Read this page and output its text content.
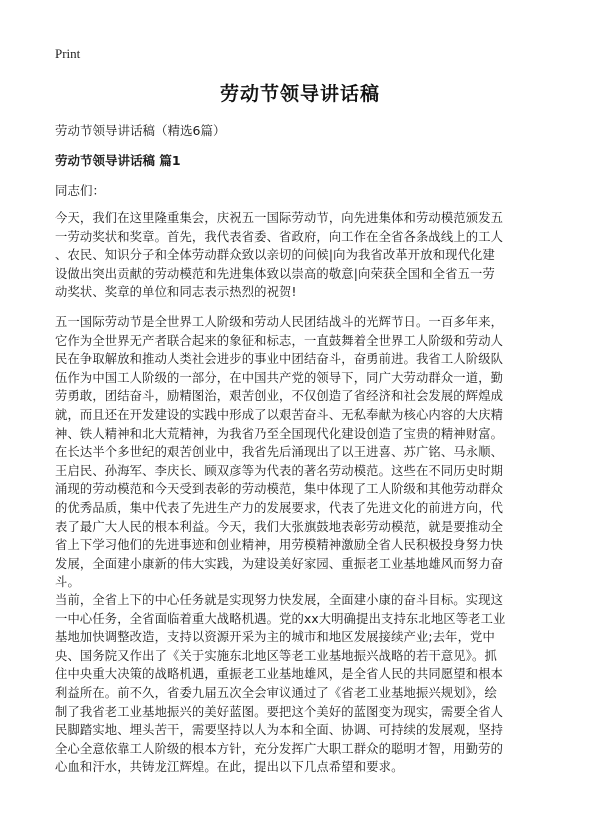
Print
劳动节领导讲话稿
劳动节领导讲话稿（精选6篇）
劳动节领导讲话稿 篇1
同志们：
今天，我们在这里隆重集会，庆祝五一国际劳动节，向先进集体和劳动模范颁发五
一劳动奖状和奖章。首先，我代表省委、省政府，向工作在全省各条战线上的工人
、农民、知识分子和全体劳动群众致以亲切的问候|向为我省改革开放和现代化建
设做出突出贡献的劳动模范和先进集体致以崇高的敬意|向荣获全国和全省五一劳
动奖状、奖章的单位和同志表示热烈的祝贺!
五一国际劳动节是全世界工人阶级和劳动人民团结战斗的光辉节日。一百多年来，
它作为全世界无产者联合起来的象征和标志，一直鼓舞着全世界工人阶级和劳动人
民在争取解放和推动人类社会进步的事业中团结奋斗，奋勇前进。我省工人阶级队
伍作为中国工人阶级的一部分，在中国共产党的领导下，同广大劳动群众一道，勤
劳勇敢，团结奋斗，励精图治，艰苦创业，不仅创造了省经济和社会发展的辉煌成
就，而且还在开发建设的实践中形成了以艰苦奋斗、无私奉献为核心内容的大庆精
神、铁人精神和北大荒精神，为我省乃至全国现代化建设创造了宝贵的精神财富。
在长达半个多世纪的艰苦创业中，我省先后涌现出了以王进喜、苏广铭、马永顺、
王启民、孙海军、李庆长、顾双彦等为代表的著名劳动模范。这些在不同历史时期
涌现的劳动模范和今天受到表彰的劳动模范，集中体现了工人阶级和其他劳动群众
的优秀品质，集中代表了先进生产力的发展要求，代表了先进文化的前进方向，代
表了最广大人民的根本利益。今天，我们大张旗鼓地表彰劳动模范，就是要推动全
省上下学习他们的先进事迹和创业精神，用劳模精神激励全省人民积极投身努力快
发展，全面建小康新的伟大实践，为建设美好家园、重振老工业基地雄风而努力奋
斗。
当前，全省上下的中心任务就是实现努力快发展，全面建小康的奋斗目标。实现这
一中心任务，全省面临着重大战略机遇。党的xx大明确提出支持东北地区等老工业
基地加快调整改造，支持以资源开采为主的城市和地区发展接续产业;去年，党中
央、国务院又作出了《关于实施东北地区等老工业基地振兴战略的若干意见》。抓
住中央重大决策的战略机遇，重振老工业基地雄风，是全省人民的共同愿望和根本
利益所在。前不久，省委九届五次全会审议通过了《省老工业基地振兴规划》，绘
制了我省老工业基地振兴的美好蓝图。要把这个美好的蓝图变为现实，需要全省人
民脚踏实地、埋头苦干，需要坚持以人为本和全面、协调、可持续的发展观，坚持
全心全意依靠工人阶级的根本方针，充分发挥广大职工群众的聪明才智，用勤劳的
心血和汗水，共铸龙江辉煌。在此，提出以下几点希望和要求。
